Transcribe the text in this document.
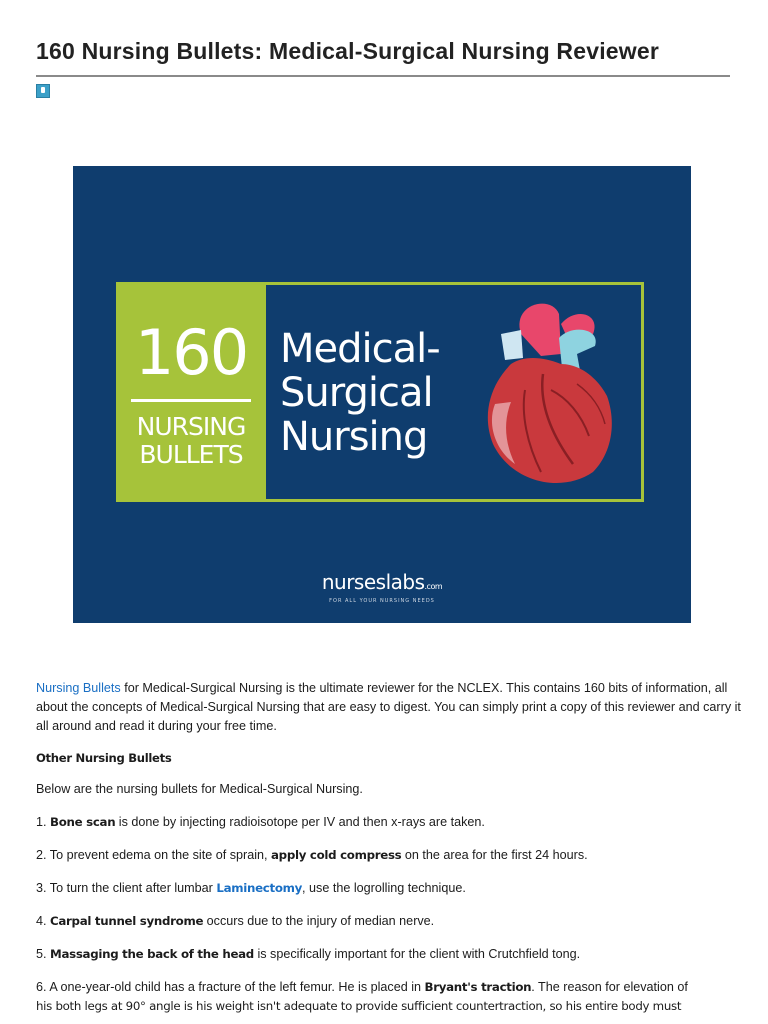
160 Nursing Bullets: Medical-Surgical Nursing Reviewer
160
NURSING
BULLETS
Medical-
Surgical
Nursing
nurseslabs.com
FOR ALL YOUR NURSING NEEDS

Nursing Bullets for Medical-Surgical Nursing is the ultimate reviewer for the NCLEX. This contains 160 bits of information, all about the concepts of Medical-Surgical Nursing that are easy to digest. You can simply print a copy of this reviewer and carry it all around and read it during your free time.

Other Nursing Bullets

Below are the nursing bullets for Medical-Surgical Nursing.

1. Bone scan is done by injecting radioisotope per IV and then x-rays are taken.

2. To prevent edema on the site of sprain, apply cold compress on the area for the first 24 hours.

3. To turn the client after lumbar Laminectomy, use the logrolling technique.

4. Carpal tunnel syndrome occurs due to the injury of median nerve.

5. Massaging the back of the head is specifically important for the client with Crutchfield tong.

6. A one-year-old child has a fracture of the left femur. He is placed in Bryant's traction. The reason for elevation of
his both legs at 90° angle is his weight isn't adequate to provide sufficient countertraction, so his entire body must
